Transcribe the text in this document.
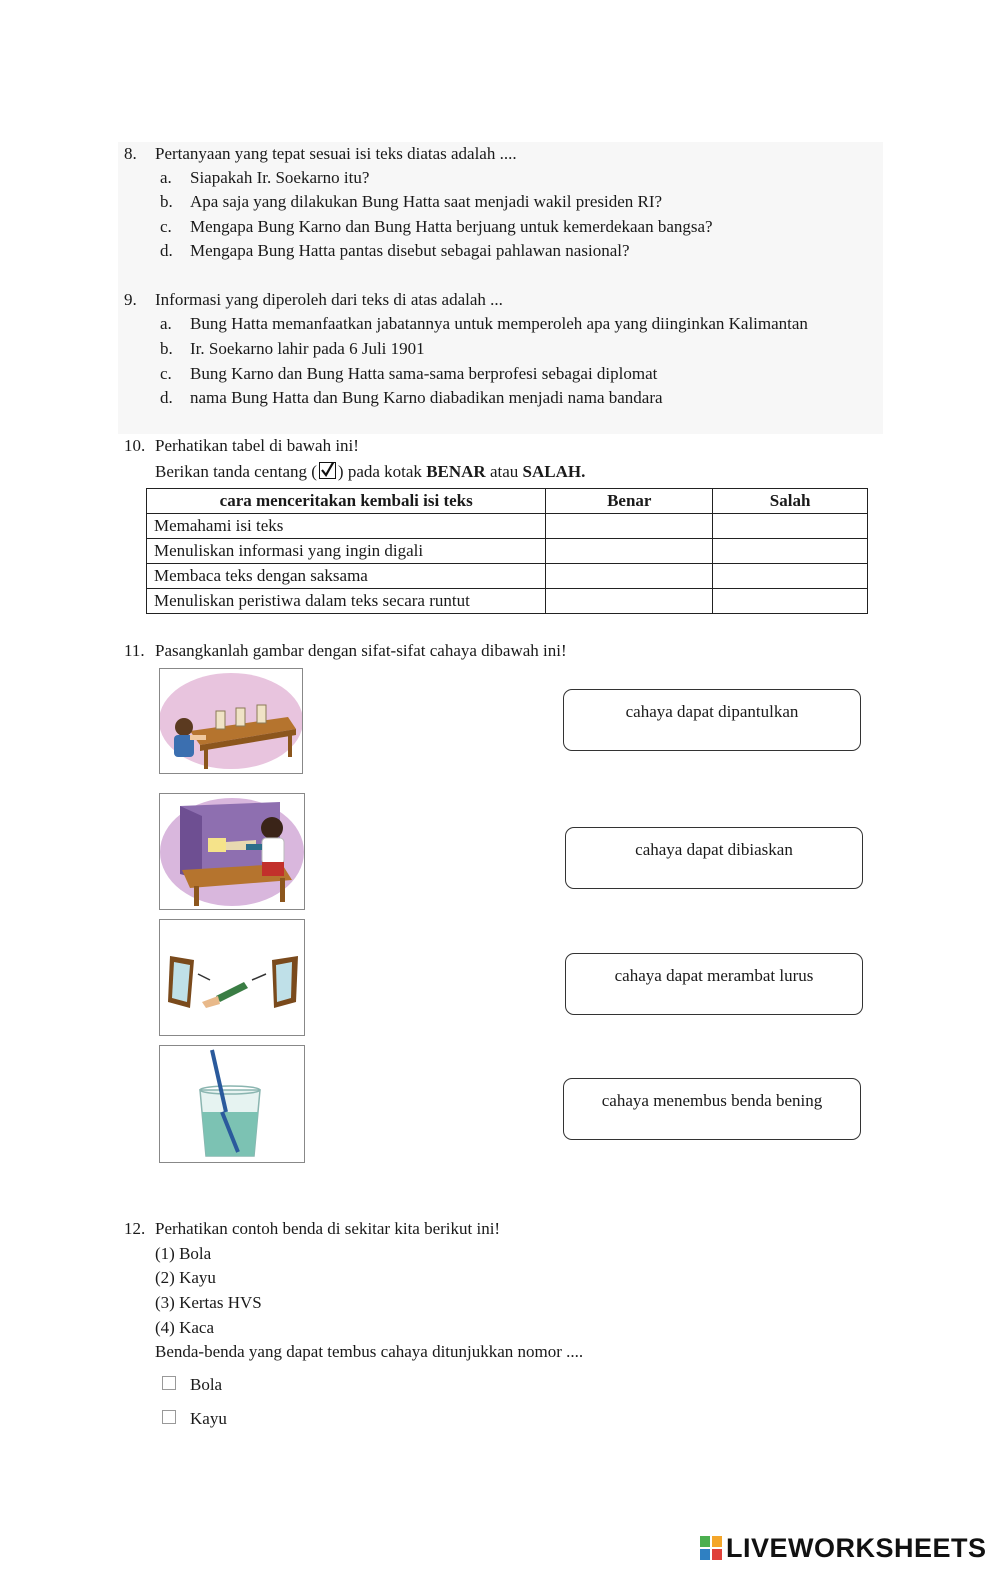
8. Pertanyaan yang tepat sesuai isi teks diatas adalah ....
a. Siapakah Ir. Soekarno itu?
b. Apa saja yang dilakukan Bung Hatta saat menjadi wakil presiden RI?
c. Mengapa Bung Karno dan Bung Hatta berjuang untuk kemerdekaan bangsa?
d. Mengapa Bung Hatta pantas disebut sebagai pahlawan nasional?
9. Informasi yang diperoleh dari teks di atas adalah ...
a. Bung Hatta memanfaatkan jabatannya untuk memperoleh apa yang diinginkan Kalimantan
b. Ir. Soekarno lahir pada 6 Juli 1901
c. Bung Karno dan Bung Hatta sama-sama berprofesi sebagai diplomat
d. nama Bung Hatta dan Bung Karno diabadikan menjadi nama bandara
10. Perhatikan tabel di bawah ini!
Berikan tanda centang ( ) pada kotak BENAR atau SALAH.
cara menceritakan kembali isi teks	Benar	Salah
Memahami isi teks		
Menuliskan informasi yang ingin digali		
Membaca teks dengan saksama		
Menuliskan peristiwa dalam teks secara runtut		
11. Pasangkanlah gambar dengan sifat-sifat cahaya dibawah ini!
cahaya dapat dipantulkan
cahaya dapat dibiaskan
cahaya dapat merambat lurus
cahaya menembus benda bening
12. Perhatikan contoh benda di sekitar kita berikut ini!
(1) Bola
(2) Kayu
(3) Kertas HVS
(4) Kaca
Benda-benda yang dapat tembus cahaya ditunjukkan nomor ....
Bola
Kayu
LIVEWORKSHEETS
